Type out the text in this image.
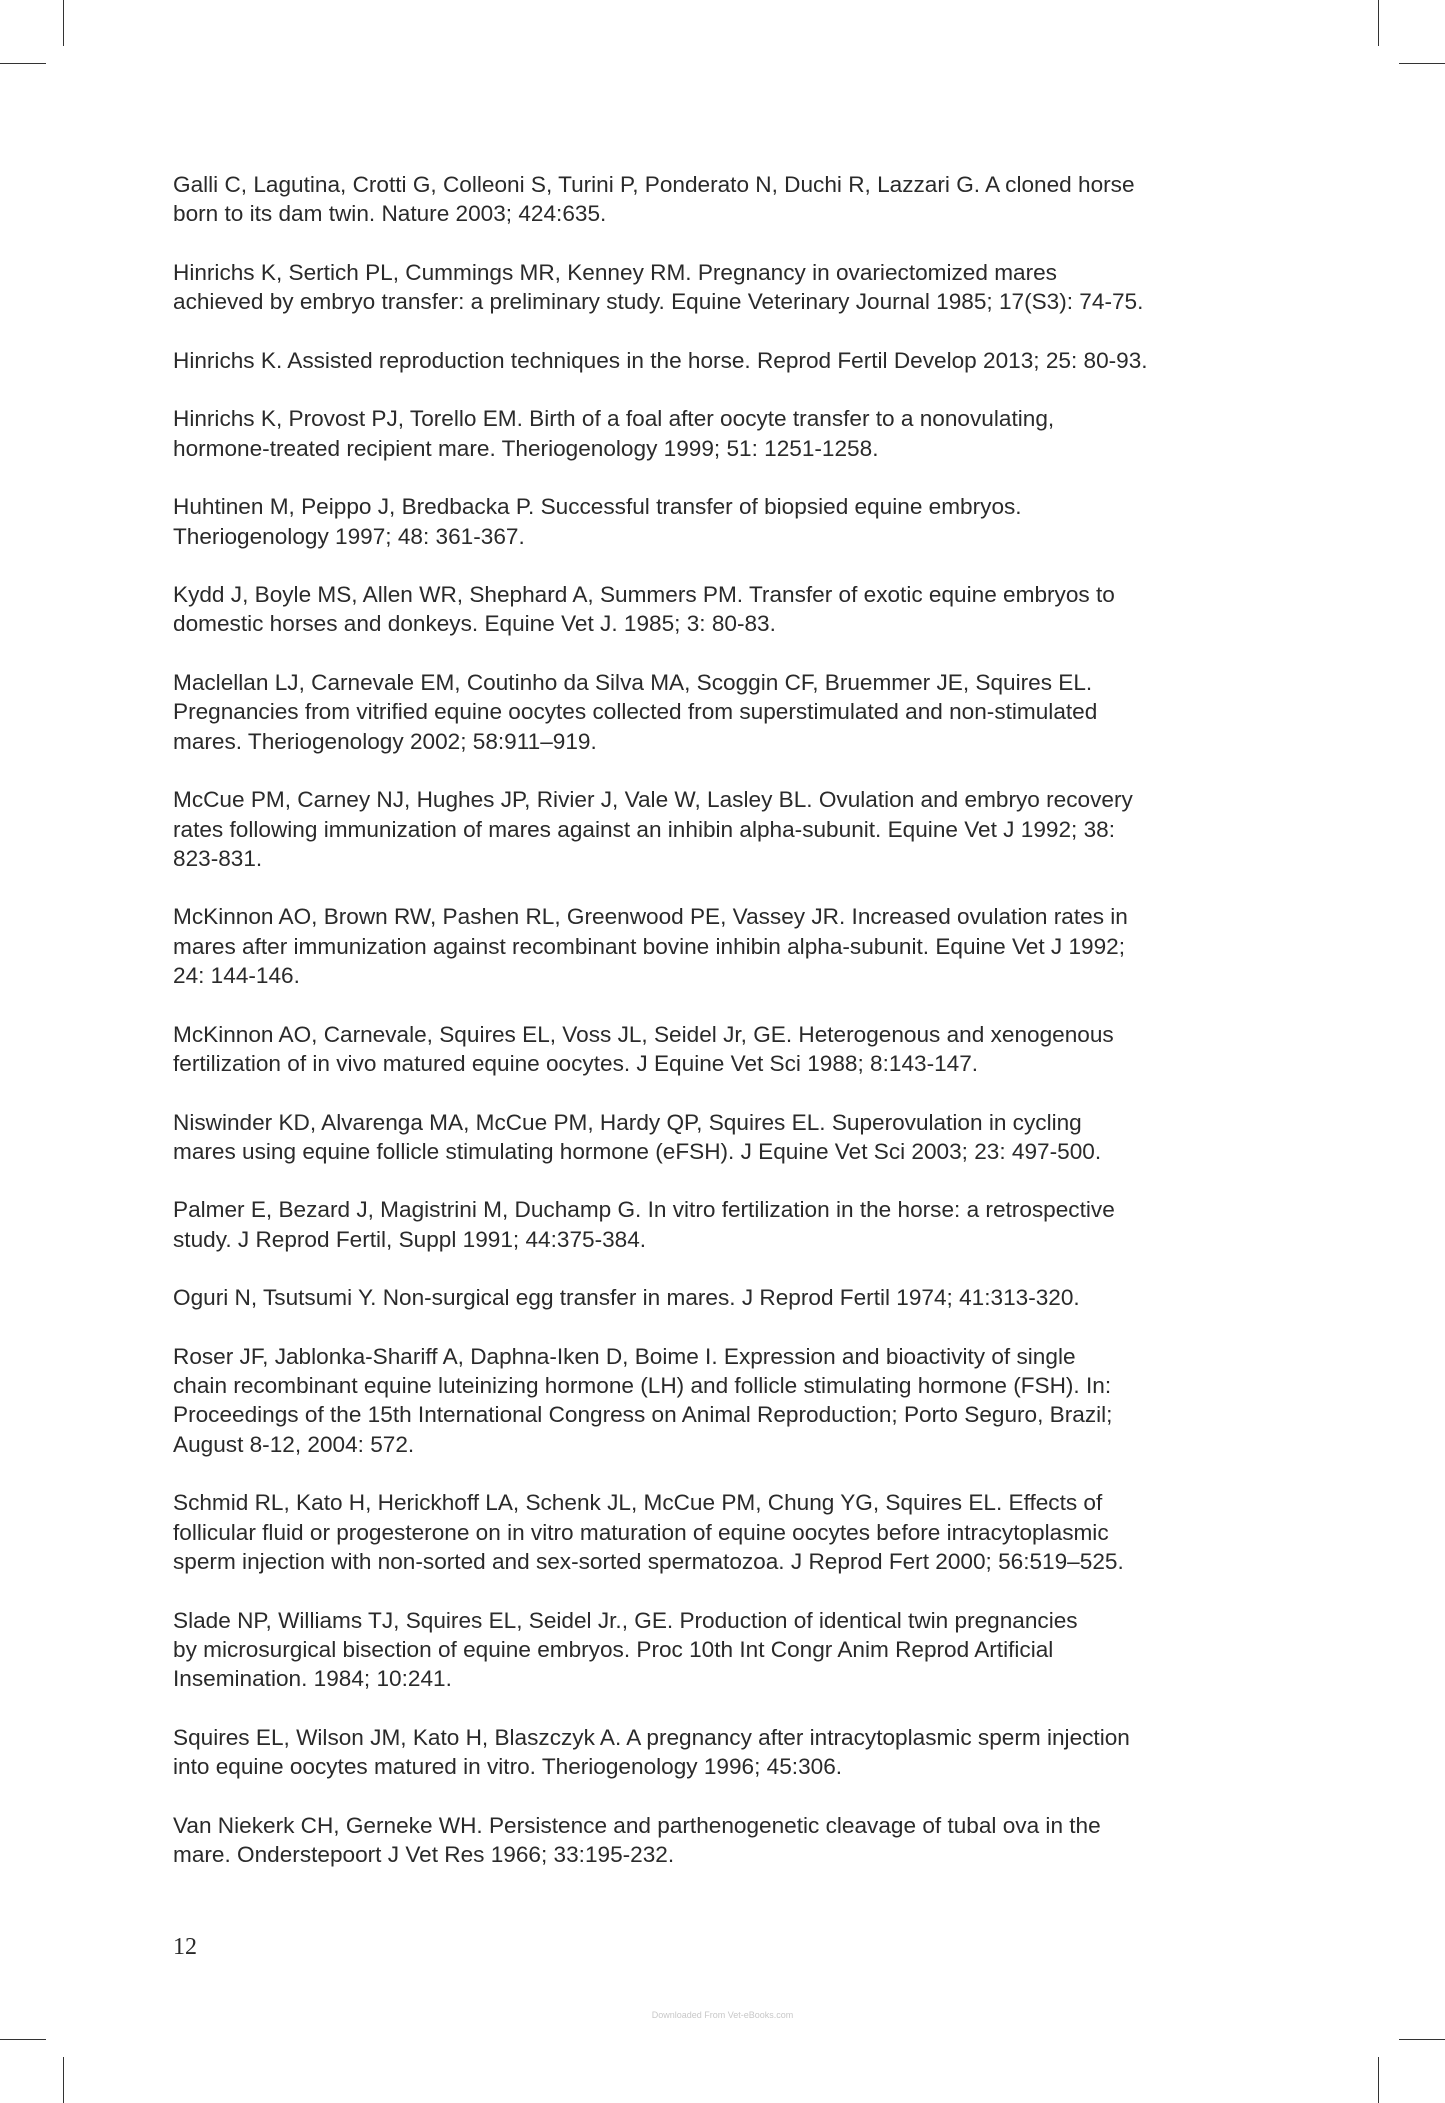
Galli C, Lagutina, Crotti G, Colleoni S, Turini P, Ponderato N, Duchi R, Lazzari G. A cloned horse
born to its dam twin. Nature 2003; 424:635.
Hinrichs K, Sertich PL, Cummings MR, Kenney RM. Pregnancy in ovariectomized mares
achieved by embryo transfer: a preliminary study. Equine Veterinary Journal 1985; 17(S3): 74-75.
Hinrichs K. Assisted reproduction techniques in the horse. Reprod Fertil Develop 2013; 25: 80-93.
Hinrichs K, Provost PJ, Torello EM. Birth of a foal after oocyte transfer to a nonovulating,
hormone-treated recipient mare. Theriogenology 1999; 51: 1251-1258.
Huhtinen M, Peippo J, Bredbacka P. Successful transfer of biopsied equine embryos.
Theriogenology 1997; 48: 361-367.
Kydd J, Boyle MS, Allen WR, Shephard A, Summers PM. Transfer of exotic equine embryos to
domestic horses and donkeys. Equine Vet J. 1985; 3: 80-83.
Maclellan LJ, Carnevale EM, Coutinho da Silva MA, Scoggin CF, Bruemmer JE, Squires EL.
Pregnancies from vitrified equine oocytes collected from superstimulated and non-stimulated
mares. Theriogenology 2002; 58:911–919.
McCue PM, Carney NJ, Hughes JP, Rivier J, Vale W, Lasley BL. Ovulation and embryo recovery
rates following immunization of mares against an inhibin alpha-subunit. Equine Vet J 1992; 38:
823-831.
McKinnon AO, Brown RW, Pashen RL, Greenwood PE, Vassey JR. Increased ovulation rates in
mares after immunization against recombinant bovine inhibin alpha-subunit. Equine Vet J 1992;
24: 144-146.
McKinnon AO, Carnevale, Squires EL, Voss JL, Seidel Jr, GE. Heterogenous and xenogenous
fertilization of in vivo matured equine oocytes. J Equine Vet Sci 1988; 8:143-147.
Niswinder KD, Alvarenga MA, McCue PM, Hardy QP, Squires EL. Superovulation in cycling
mares using equine follicle stimulating hormone (eFSH). J Equine Vet Sci 2003; 23: 497-500.
Palmer E, Bezard J, Magistrini M, Duchamp G. In vitro fertilization in the horse: a retrospective
study. J Reprod Fertil, Suppl 1991; 44:375-384.
Oguri N, Tsutsumi Y. Non-surgical egg transfer in mares. J Reprod Fertil 1974; 41:313-320.
Roser JF, Jablonka-Shariff A, Daphna-Iken D, Boime I. Expression and bioactivity of single
chain recombinant equine luteinizing hormone (LH) and follicle stimulating hormone (FSH). In:
Proceedings of the 15th International Congress on Animal Reproduction; Porto Seguro, Brazil;
August 8-12, 2004: 572.
Schmid RL, Kato H, Herickhoff LA, Schenk JL, McCue PM, Chung YG, Squires EL. Effects of
follicular fluid or progesterone on in vitro maturation of equine oocytes before intracytoplasmic
sperm injection with non-sorted and sex-sorted spermatozoa. J Reprod Fert 2000; 56:519–525.
Slade NP, Williams TJ, Squires EL, Seidel Jr., GE. Production of identical twin pregnancies
by microsurgical bisection of equine embryos. Proc 10th Int Congr Anim Reprod Artificial
Insemination. 1984; 10:241.
Squires EL, Wilson JM, Kato H, Blaszczyk A. A pregnancy after intracytoplasmic sperm injection
into equine oocytes matured in vitro. Theriogenology 1996; 45:306.
Van Niekerk CH, Gerneke WH. Persistence and parthenogenetic cleavage of tubal ova in the
mare. Onderstepoort J Vet Res 1966; 33:195-232.
12
Downloaded From Vet-eBooks.com
